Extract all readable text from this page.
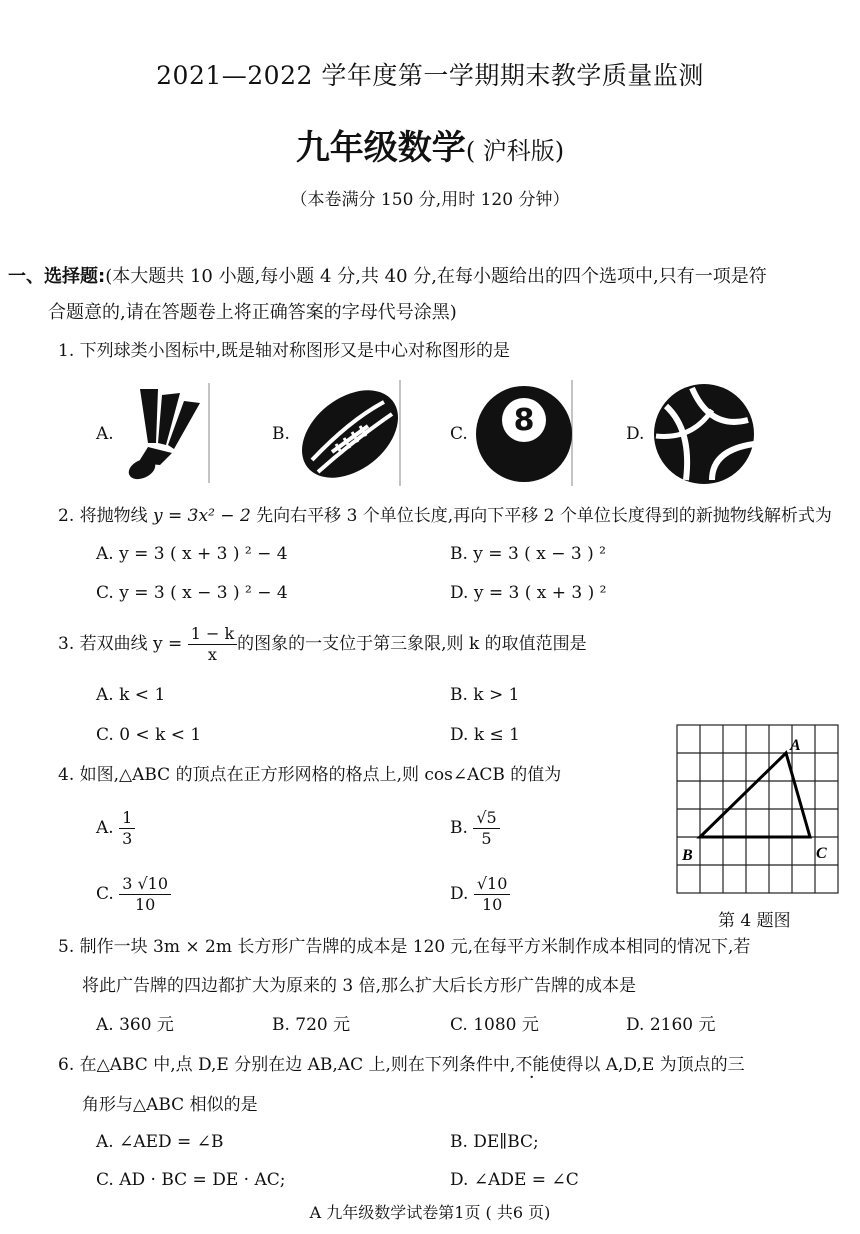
2021—2022 学年度第一学期期末教学质量监测
九年级数学( 沪科版)
（本卷满分 150 分,用时 120 分钟）
一、选择题:(本大题共 10 小题,每小题 4 分,共 40 分,在每小题给出的四个选项中,只有一项是符
合题意的,请在答题卷上将正确答案的字母代号涂黑)
1. 下列球类小图标中,既是轴对称图形又是中心对称图形的是
A.	B.	C.	D.
8
2. 将抛物线 y = 3x² − 2 先向右平移 3 个单位长度,再向下平移 2 个单位长度得到的新抛物线解析式为
A. y = 3 ( x + 3 ) ² − 4	B. y = 3 ( x − 3 ) ²
C. y = 3 ( x − 3 ) ² − 4	D. y = 3 ( x + 3 ) ²
3. 若双曲线 $y = \frac{1 - k}{x}$ 的图象的一支位于第三象限,则 k 的取值范围是
A. k < 1	B. k > 1
C. 0 < k < 1	D. k ≤ 1
4. 如图,△ABC 的顶点在正方形网格的格点上,则 cos∠ACB 的值为
A. $\frac{1}{3}$	B. $\frac{√5}{5}$
C. $\frac{3 √10}{10}$	D. $\frac{√10}{10}$
A
B	C
第 4 题图
5. 制作一块 3m × 2m 长方形广告牌的成本是 120 元,在每平方米制作成本相同的情况下,若
将此广告牌的四边都扩大为原来的 3 倍,那么扩大后长方形广告牌的成本是
A. 360 元	B. 720 元	C. 1080 元	D. 2160 元
6. 在△ABC 中,点 D,E 分别在边 AB,AC 上,则在下列条件中,不能使得以 A,D,E 为顶点的三
角形与△ABC 相似的是
A. ∠AED = ∠B	B. DE∥BC;
C. AD · BC = DE · AC;	D. ∠ADE = ∠C
A 九年级数学试卷第1页 ( 共6 页)
